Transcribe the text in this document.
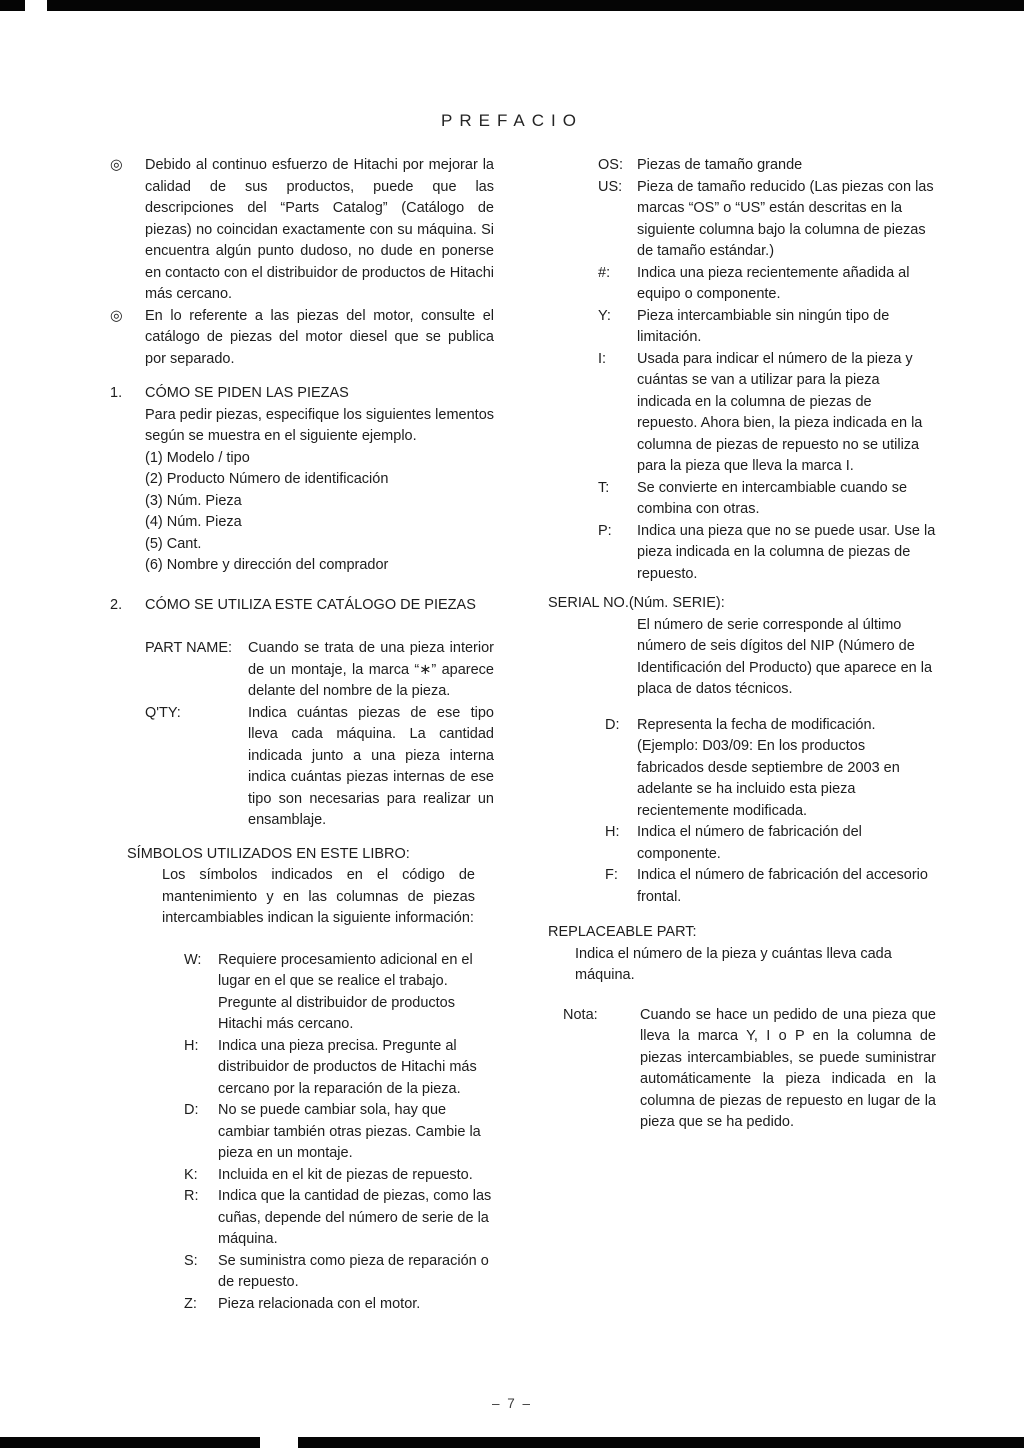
PREFACIO
◎	Debido al continuo esfuerzo de Hitachi por mejorar la calidad de sus productos, puede que las descripciones del “Parts Catalog” (Catálogo de piezas) no coincidan exactamente con su máquina. Si encuentra algún punto dudoso, no dude en ponerse en contacto con el distribuidor de productos de Hitachi más cercano.
◎	En lo referente a las piezas del motor, consulte el catálogo de piezas del motor diesel que se publica por separado.
1.	CÓMO SE PIDEN LAS PIEZAS
Para pedir piezas, especifique los siguientes lementos según se muestra en el siguiente ejemplo.
(1) Modelo / tipo
(2) Producto Número de identificación
(3) Núm. Pieza
(4) Núm. Pieza
(5) Cant.
(6) Nombre y dirección del comprador
2.	CÓMO SE UTILIZA ESTE CATÁLOGO DE PIEZAS
PART NAME:	Cuando se trata de una pieza interior de un montaje, la marca “∗” aparece delante del nombre de la pieza.
Q'TY:	Indica cuántas piezas de ese tipo lleva cada máquina. La cantidad indicada junto a una pieza interna indica cuántas piezas internas de ese tipo son necesarias para realizar un ensamblaje.
SÍMBOLOS UTILIZADOS EN ESTE LIBRO:
Los símbolos indicados en el código de mantenimiento y en las columnas de piezas intercambiables indican la siguiente información:
W:	Requiere procesamiento adicional en el lugar en el que se realice el trabajo. Pregunte al distribuidor de productos Hitachi más cercano.
H:	Indica una pieza precisa. Pregunte al distribuidor de productos de Hitachi más cercano por la reparación de la pieza.
D:	No se puede cambiar sola, hay que cambiar también otras piezas. Cambie la pieza en un montaje.
K:	Incluida en el kit de piezas de repuesto.
R:	Indica que la cantidad de piezas, como las cuñas, depende del número de serie de la máquina.
S:	Se suministra como pieza de reparación o de repuesto.
Z:	Pieza relacionada con el motor.
OS: Piezas de tamaño grande
US:	Pieza de tamaño reducido (Las piezas con las marcas “OS” o “US” están descritas en la siguiente columna bajo la columna de piezas de tamaño estándar.)
#:	Indica una pieza recientemente añadida al equipo o componente.
Y:	Pieza intercambiable sin ningún tipo de limitación.
I:	Usada para indicar el número de la pieza y cuántas se van a utilizar para la pieza indicada en la columna de piezas de repuesto. Ahora bien, la pieza indicada en la columna de piezas de repuesto no se utiliza para la pieza que lleva la marca I.
T:	Se convierte en intercambiable cuando se combina con otras.
P:	Indica una pieza que no se puede usar. Use la pieza indicada en la columna de piezas de repuesto.
SERIAL NO.(Núm. SERIE):
El número de serie corresponde al último número de seis dígitos del NIP (Número de Identificación del Producto) que aparece en la placa de datos técnicos.
D:	Representa la fecha de modificación. (Ejemplo: D03/09: En los productos fabricados desde septiembre de 2003 en adelante se ha incluido esta pieza recientemente modificada.
H:	Indica el número de fabricación del componente.
F:	Indica el número de fabricación del accesorio frontal.
REPLACEABLE PART:
Indica el número de la pieza y cuántas lleva cada máquina.
Nota:	Cuando se hace un pedido de una pieza que lleva la marca Y, I o P en la columna de piezas intercambiables, se puede suministrar automáticamente la pieza indicada en la columna de piezas de repuesto en lugar de la pieza que se ha pedido.
– 7 –
